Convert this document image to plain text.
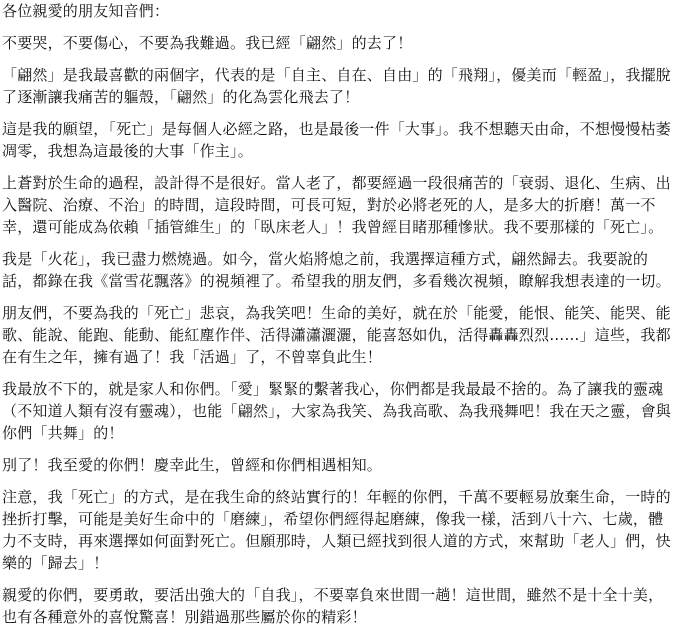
各位親愛的朋友知音們：

不要哭，不要傷心，不要為我難過。我已經「翩然」的去了！

「翩然」是我最喜歡的兩個字，代表的是「自主、自在、自由」的「飛翔」，優美而「輕盈」，我擺脫了逐漸讓我痛苦的軀殼，「翩然」的化為雲化飛去了！

這是我的願望，「死亡」是每個人必經之路，也是最後一件「大事」。我不想聽天由命，不想慢慢枯萎凋零，我想為這最後的大事「作主」。

上蒼對於生命的過程，設計得不是很好。當人老了，都要經過一段很痛苦的「衰弱、退化、生病、出入醫院、治療、不治」的時間，這段時間，可長可短，對於必將老死的人，是多大的折磨！萬一不幸，還可能成為依賴「插管維生」的「臥床老人」！我曾經目睹那種慘狀。我不要那樣的「死亡」。

我是「火花」，我已盡力燃燒過。如今，當火焰將熄之前，我選擇這種方式，翩然歸去。我要說的話，都錄在我《當雪花飄落》的視頻裡了。希望我的朋友們，多看幾次視頻，瞭解我想表達的一切。

朋友們，不要為我的「死亡」悲哀，為我笑吧！生命的美好，就在於「能愛，能恨、能笑、能哭、能歌、能說、能跑、能動、能紅塵作伴、活得瀟瀟灑灑，能喜怒如仇，活得轟轟烈烈……」這些，我都在有生之年，擁有過了！我「活過」了，不曾辜負此生！

我最放不下的，就是家人和你們。「愛」緊緊的繫著我心，你們都是我最最不捨的。為了讓我的靈魂（不知道人類有沒有靈魂），也能「翩然」，大家為我笑、為我高歌、為我飛舞吧！我在天之靈，會與你們「共舞」的！

別了！我至愛的你們！慶幸此生，曾經和你們相遇相知。

注意，我「死亡」的方式，是在我生命的終站實行的！年輕的你們，千萬不要輕易放棄生命，一時的挫折打擊，可能是美好生命中的「磨練」，希望你們經得起磨練，像我一樣，活到八十六、七歲，體力不支時，再來選擇如何面對死亡。但願那時，人類已經找到很人道的方式，來幫助「老人」們，快樂的「歸去」！

親愛的你們，要勇敢，要活出強大的「自我」，不要辜負來世間一趟！這世間，雖然不是十全十美，也有各種意外的喜悅驚喜！別錯過那些屬於你的精彩！
